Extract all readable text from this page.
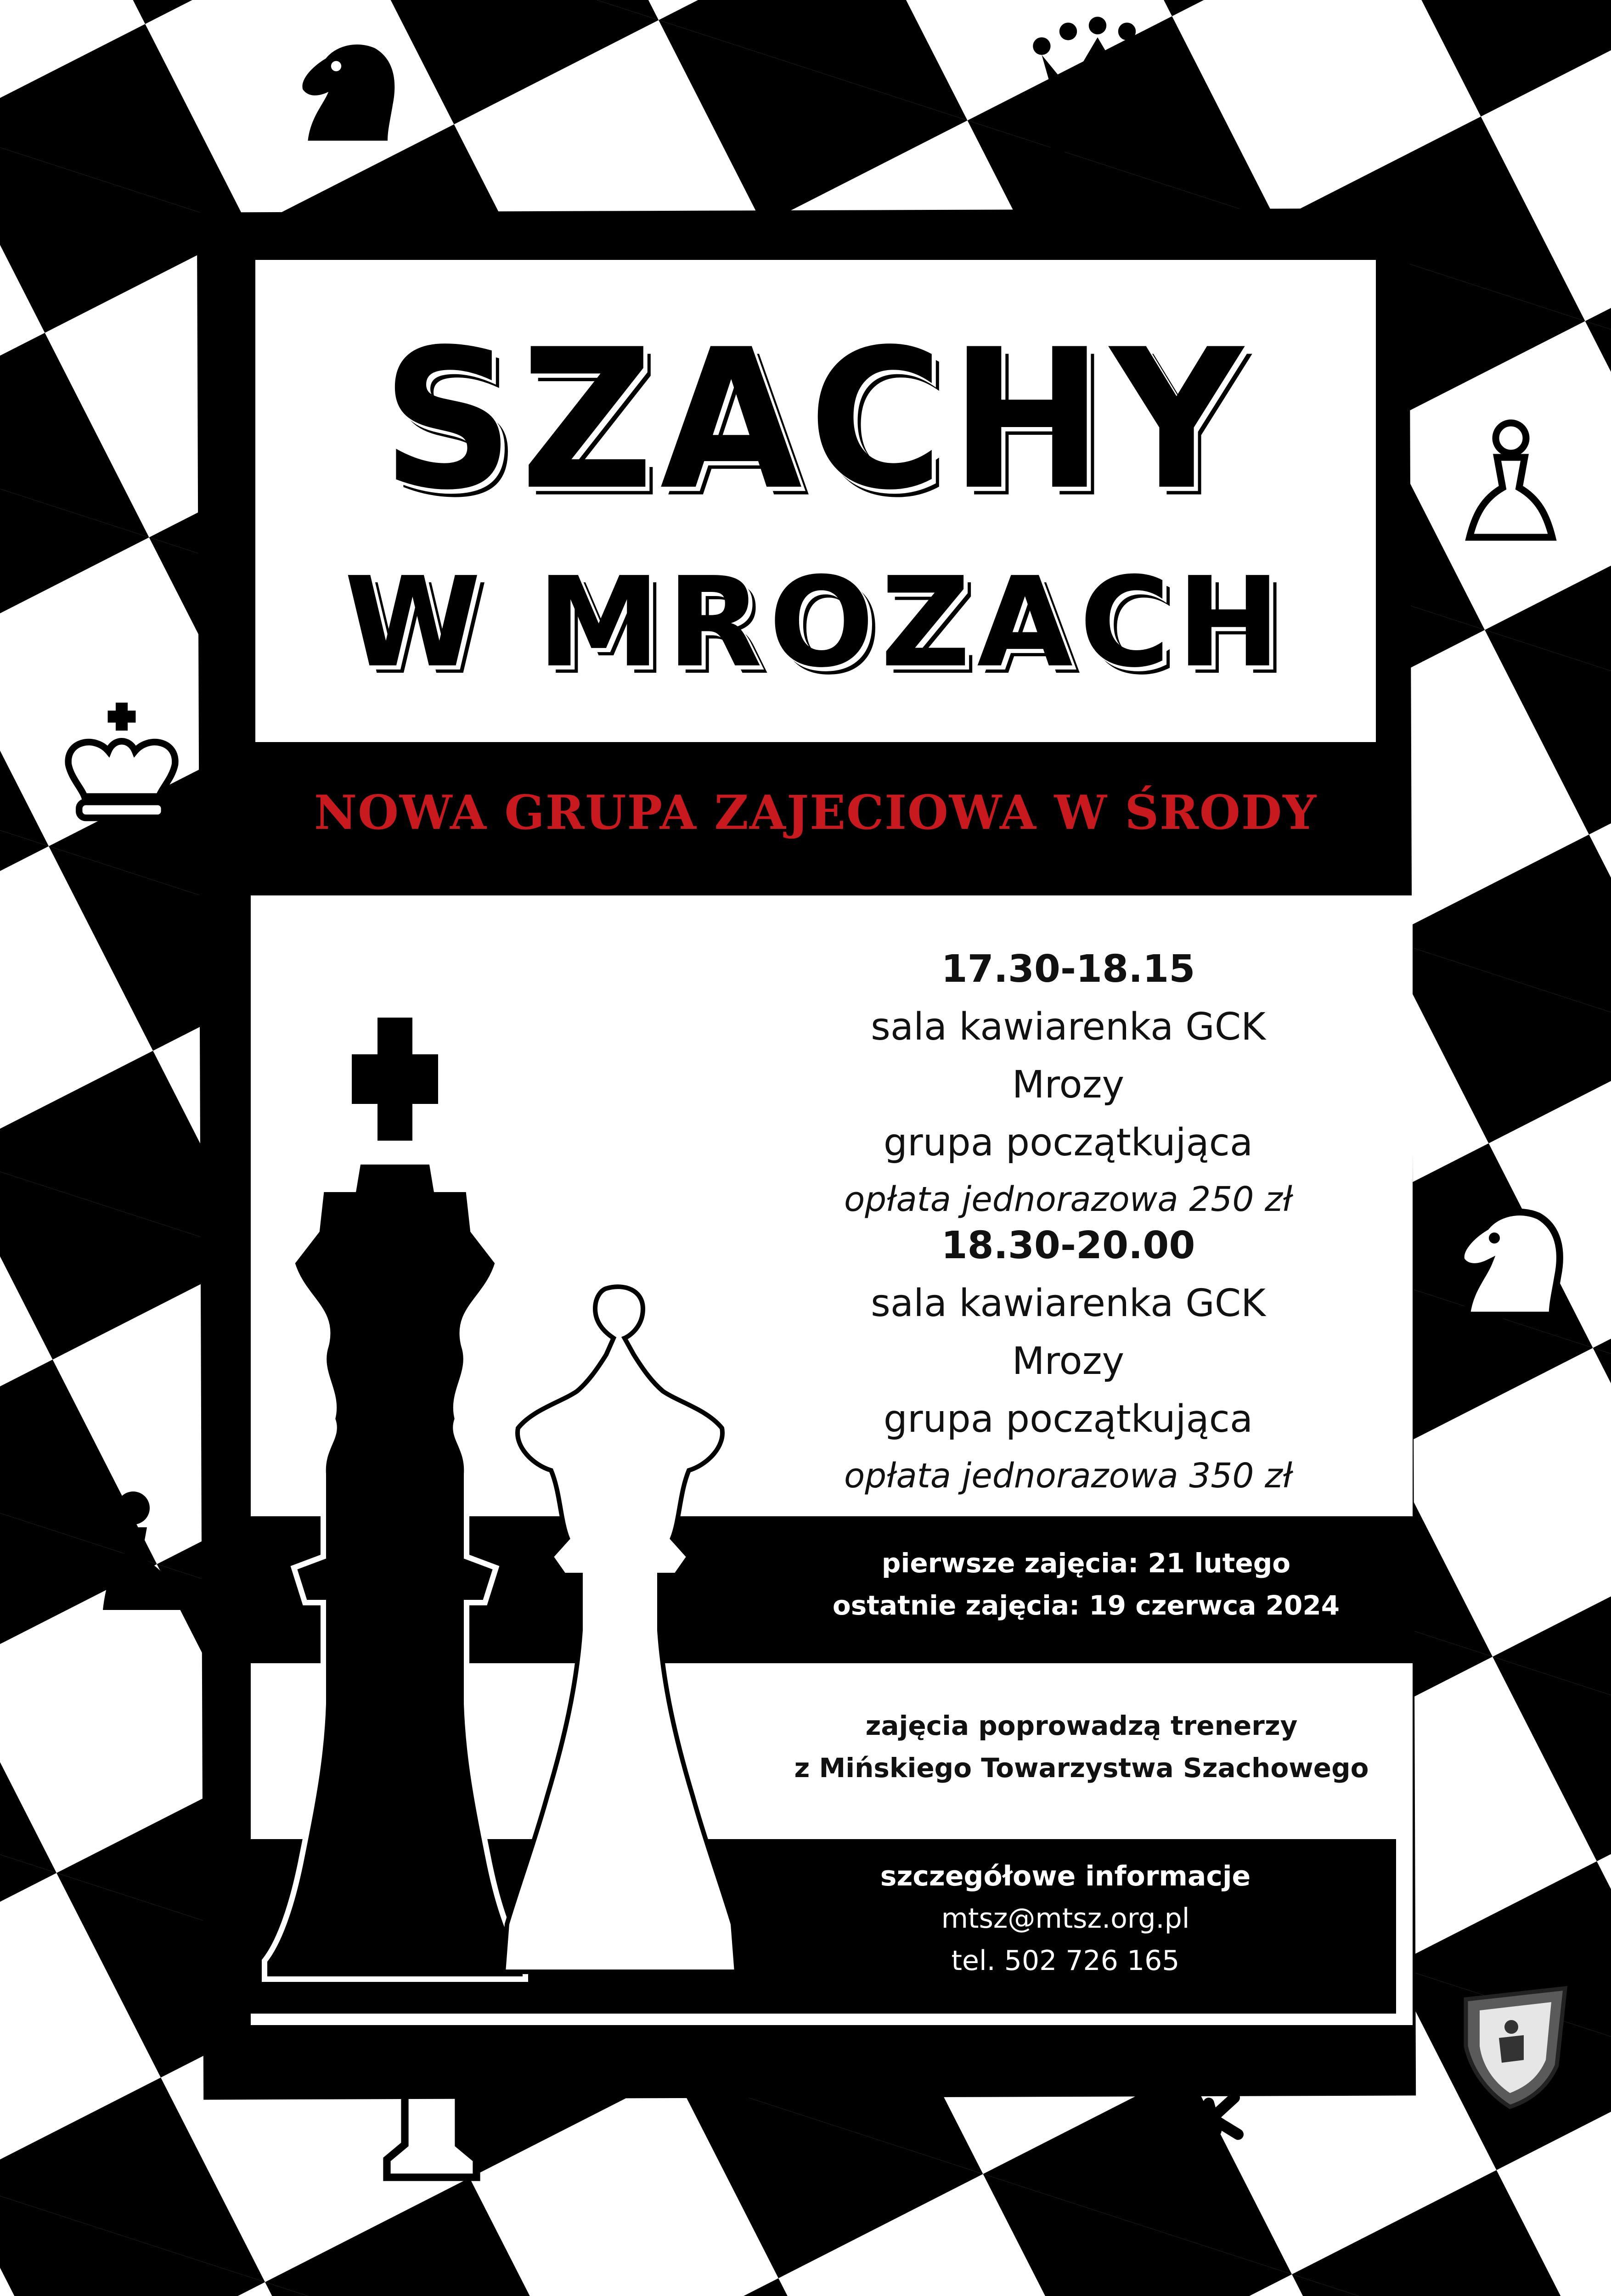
SZACHY
W MROZACH
NOWA GRUPA ZAJECIOWA W ŚRODY
17.30-18.15
sala kawiarenka GCK Mrozy
grupa początkująca
opłata jednorazowa 250 zł
18.30-20.00
sala kawiarenka GCK Mrozy
grupa początkująca
opłata jednorazowa 350 zł
pierwsze zajęcia: 21 lutego
ostatnie zajęcia: 19 czerwca 2024
zajęcia poprowadzą trenerzy
z Mińskiego Towarzystwa Szachowego
szczegółowe informacje
mtsz@mtsz.org.pl
tel. 502 726 165
